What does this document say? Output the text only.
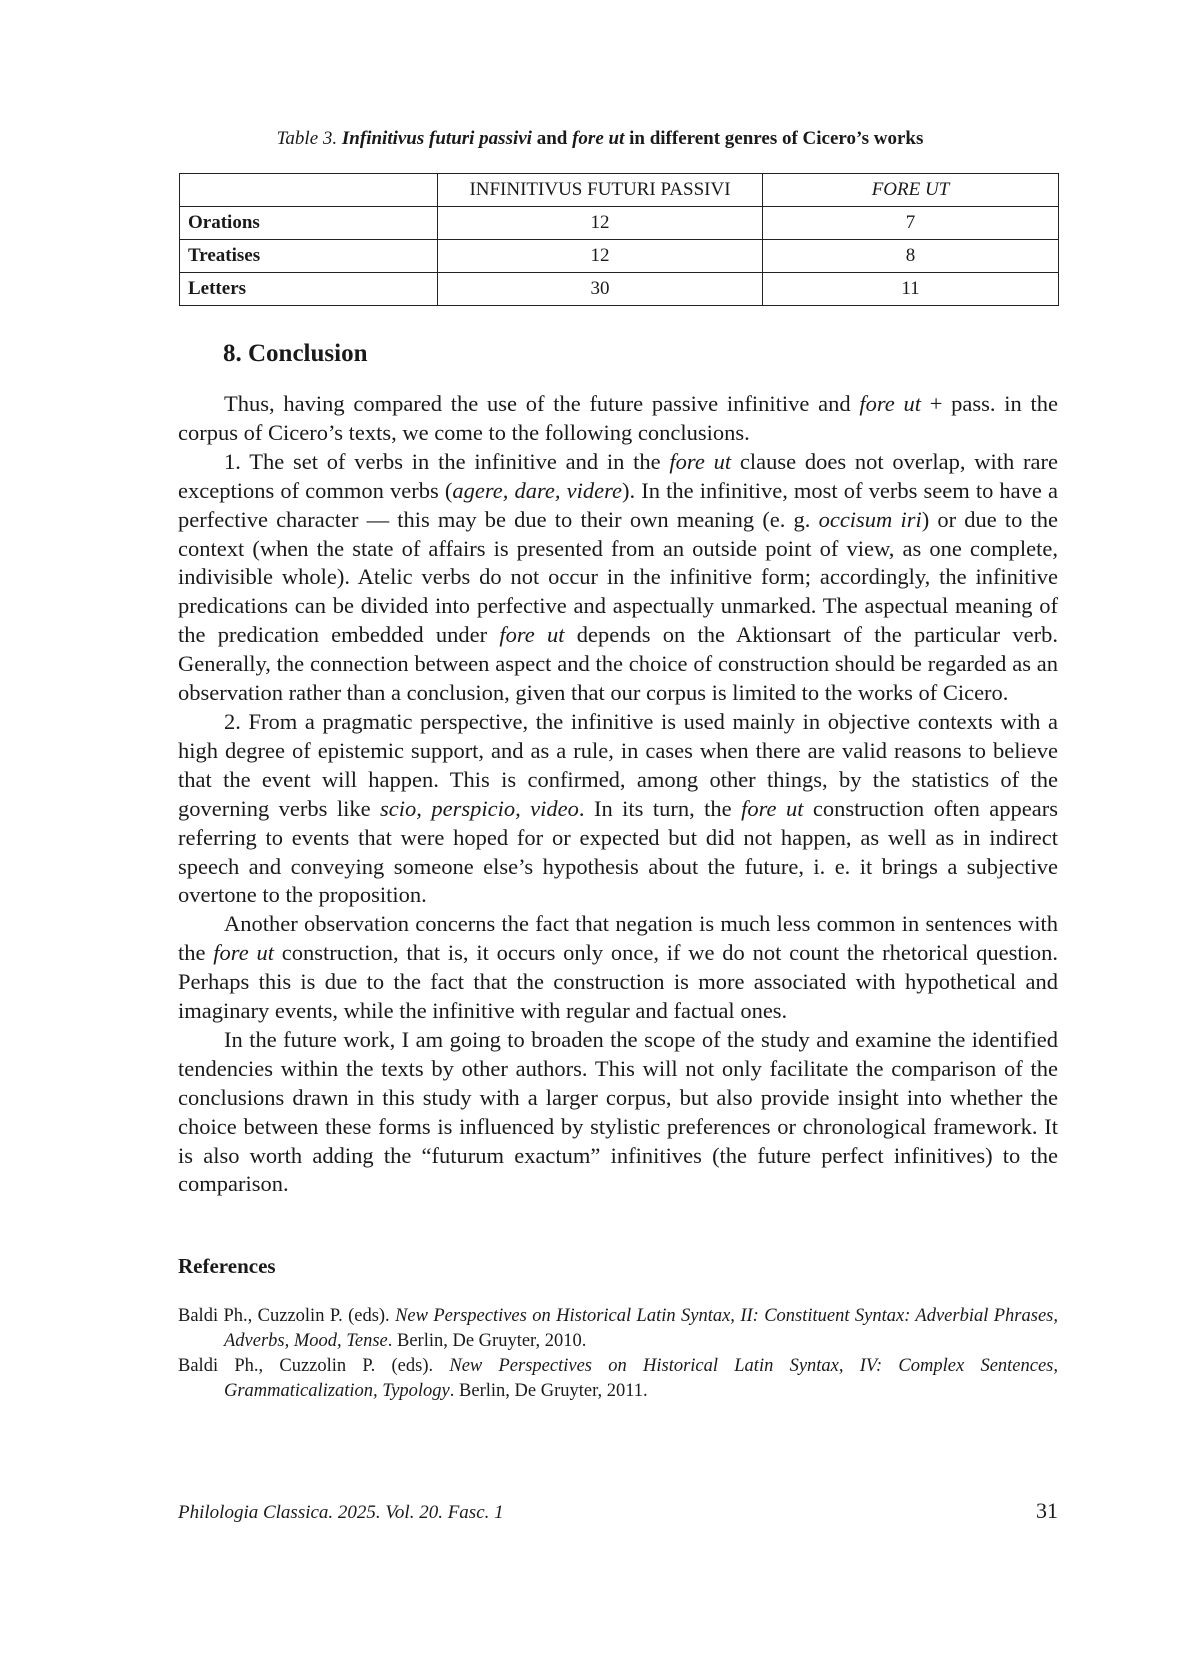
Table 3. Infinitivus futuri passivi and fore ut in different genres of Cicero’s works
	INFINITIVUS FUTURI PASSIVI	FORE UT
Orations	12	7
Treatises	12	8
Letters	30	11
8. Conclusion

Thus, having compared the use of the future passive infinitive and fore ut + pass. in the corpus of Cicero’s texts, we come to the following conclusions.

1. The set of verbs in the infinitive and in the fore ut clause does not overlap, with rare exceptions of common verbs (agere, dare, videre). In the infinitive, most of verbs seem to have a perfective character — this may be due to their own meaning (e. g. occisum iri) or due to the context (when the state of affairs is presented from an outside point of view, as one complete, indivisible whole). Atelic verbs do not occur in the infinitive form; accordingly, the infinitive predications can be divided into perfective and aspectually unmarked. The aspectual meaning of the predication embedded under fore ut depends on the Aktionsart of the particular verb. Generally, the connection between aspect and the choice of construction should be regarded as an observation rather than a conclusion, given that our corpus is limited to the works of Cicero.

2. From a pragmatic perspective, the infinitive is used mainly in objective contexts with a high degree of epistemic support, and as a rule, in cases when there are valid reasons to believe that the event will happen. This is confirmed, among other things, by the statistics of the governing verbs like scio, perspicio, video. In its turn, the fore ut construction often appears referring to events that were hoped for or expected but did not happen, as well as in indirect speech and conveying someone else’s hypothesis about the future, i. e. it brings a subjective overtone to the proposition.

Another observation concerns the fact that negation is much less common in sentences with the fore ut construction, that is, it occurs only once, if we do not count the rhetorical question. Perhaps this is due to the fact that the construction is more associated with hypothetical and imaginary events, while the infinitive with regular and factual ones.

In the future work, I am going to broaden the scope of the study and examine the identified tendencies within the texts by other authors. This will not only facilitate the comparison of the conclusions drawn in this study with a larger corpus, but also provide insight into whether the choice between these forms is influenced by stylistic preferences or chronological framework. It is also worth adding the “futurum exactum” infinitives (the future perfect infinitives) to the comparison.

References

Baldi Ph., Cuzzolin P. (eds). New Perspectives on Historical Latin Syntax, II: Constituent Syntax: Adverbial Phrases, Adverbs, Mood, Tense. Berlin, De Gruyter, 2010.

Baldi Ph., Cuzzolin P. (eds). New Perspectives on Historical Latin Syntax, IV: Complex Sentences, Grammaticalization, Typology. Berlin, De Gruyter, 2011.

Philologia Classica. 2025. Vol. 20. Fasc. 1	31
